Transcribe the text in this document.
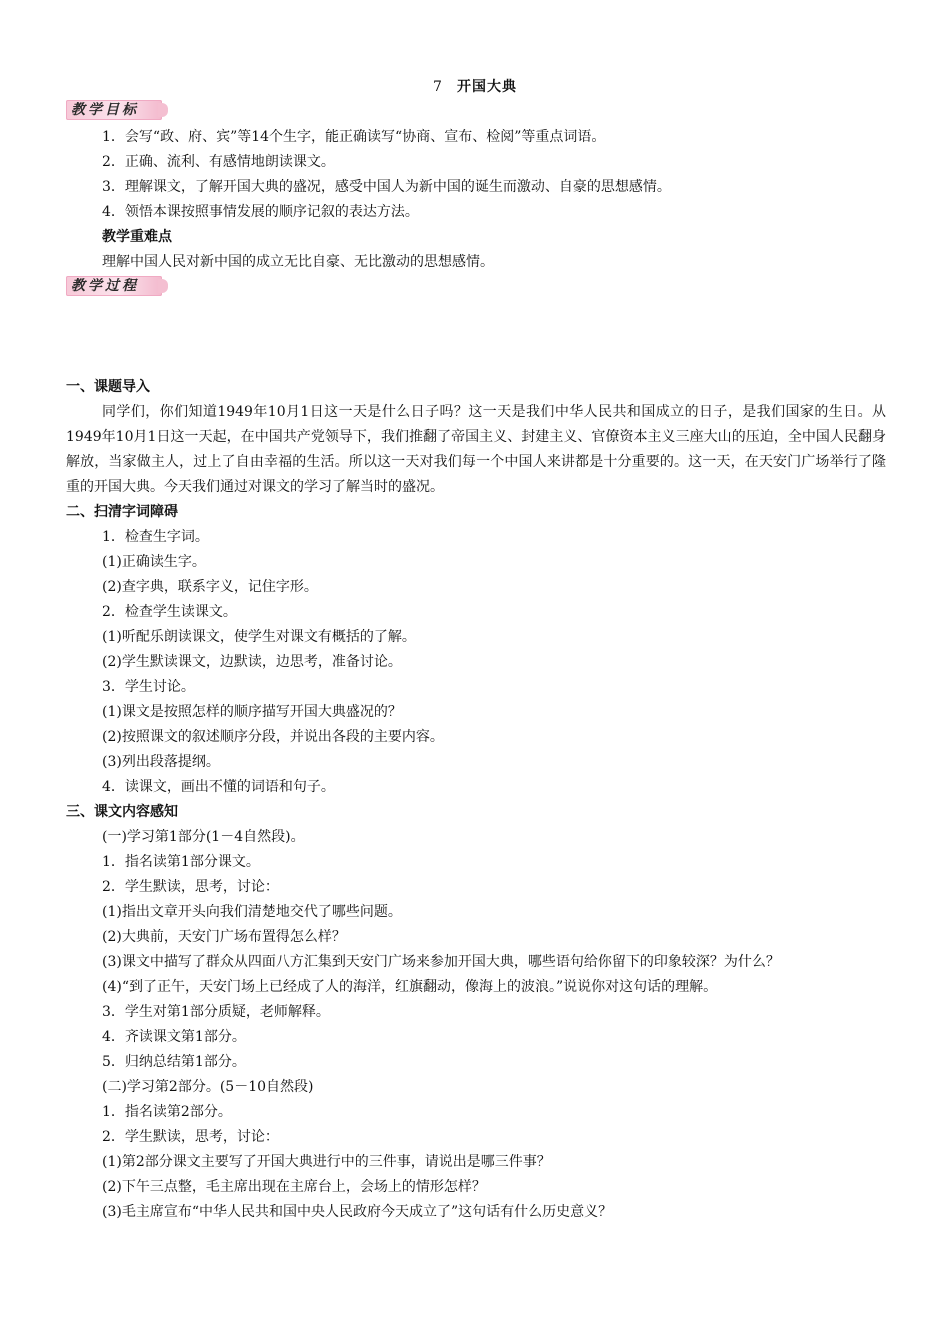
7 开国大典
教学目标
1．会写“政、府、宾”等14个生字，能正确读写“协商、宣布、检阅”等重点词语。
2．正确、流利、有感情地朗读课文。
3．理解课文，了解开国大典的盛况，感受中国人为新中国的诞生而激动、自豪的思想感情。
4．领悟本课按照事情发展的顺序记叙的表达方法。
教学重难点
理解中国人民对新中国的成立无比自豪、无比激动的思想感情。
教学过程
一、课题导入

同学们，你们知道1949年10月1日这一天是什么日子吗？这一天是我们中华人民共和国成立的日子，是我们国家的生日。从1949年10月1日这一天起，在中国共产党领导下，我们推翻了帝国主义、封建主义、官僚资本主义三座大山的压迫，全中国人民翻身解放，当家做主人，过上了自由幸福的生活。所以这一天对我们每一个中国人来讲都是十分重要的。这一天，在天安门广场举行了隆重的开国大典。今天我们通过对课文的学习了解当时的盛况。

二、扫清字词障碍
1．检查生字词。
(1)正确读生字。
(2)查字典，联系字义，记住字形。
2．检查学生读课文。
(1)听配乐朗读课文，使学生对课文有概括的了解。
(2)学生默读课文，边默读，边思考，准备讨论。
3．学生讨论。
(1)课文是按照怎样的顺序描写开国大典盛况的？
(2)按照课文的叙述顺序分段，并说出各段的主要内容。
(3)列出段落提纲。
4．读课文，画出不懂的词语和句子。
三、课文内容感知
(一)学习第1部分(1－4自然段)。
1．指名读第1部分课文。
2．学生默读，思考，讨论：
(1)指出文章开头向我们清楚地交代了哪些问题。
(2)大典前，天安门广场布置得怎么样？

(3)课文中描写了群众从四面八方汇集到天安门广场来参加开国大典，哪些语句给你留下的印象较深？为什么？

(4)“到了正午，天安门场上已经成了人的海洋，红旗翻动，像海上的波浪。”说说你对这句话的理解。
3．学生对第1部分质疑，老师解释。
4．齐读课文第1部分。
5．归纳总结第1部分。
(二)学习第2部分。(5－10自然段)
1．指名读第2部分。
2．学生默读，思考，讨论：
(1)第2部分课文主要写了开国大典进行中的三件事，请说出是哪三件事？
(2)下午三点整，毛主席出现在主席台上，会场上的情形怎样？
(3)毛主席宣布“中华人民共和国中央人民政府今天成立了”这句话有什么历史意义？
